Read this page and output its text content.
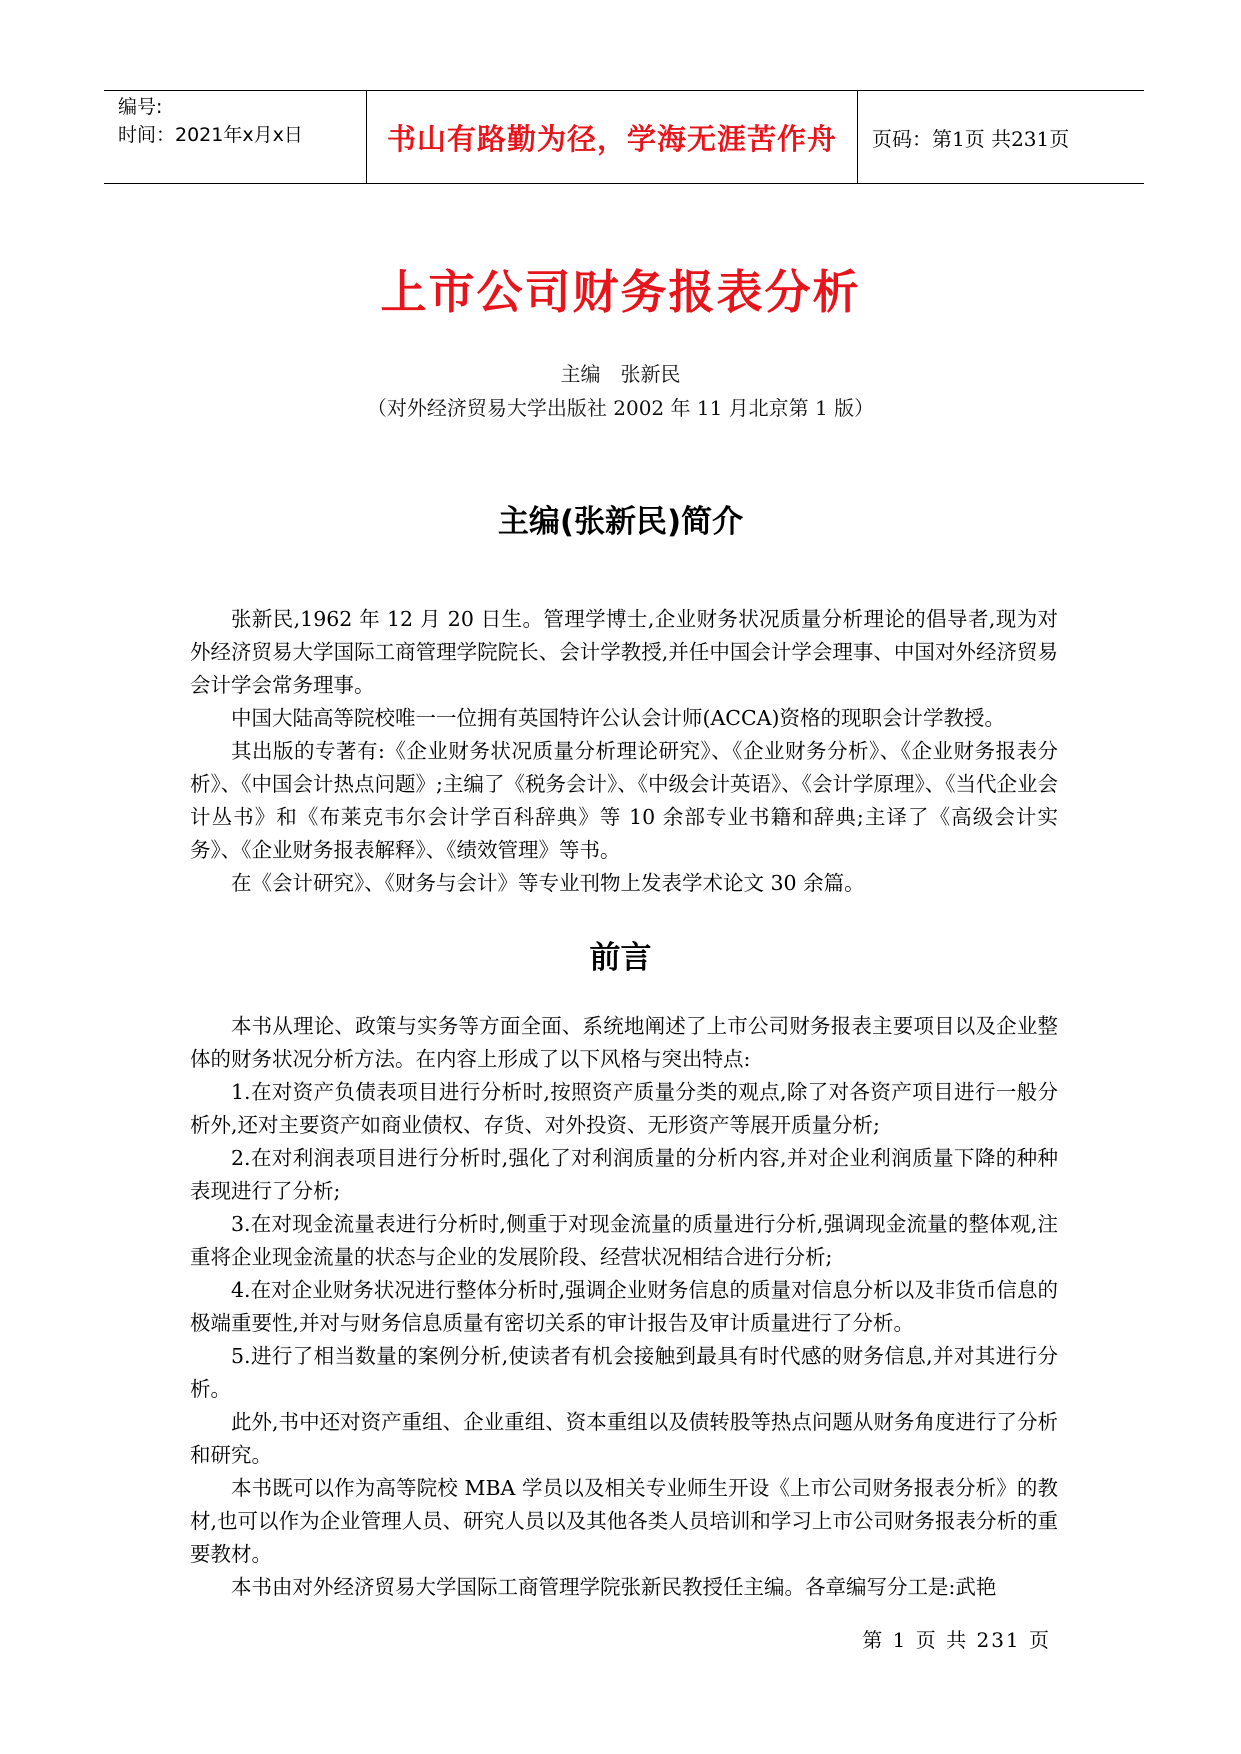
编号:
时间：2021年x月x日	书山有路勤为径，学海无涯苦作舟	页码：第1页 共231页
上市公司财务报表分析
主编　张新民
（对外经济贸易大学出版社 2002 年 11 月北京第 1 版）
主编(张新民)简介

张新民,1962 年 12 月 20 日生。管理学博士,企业财务状况质量分析理论的倡导者,现为对外经济贸易大学国际工商管理学院院长、会计学教授,并任中国会计学会理事、中国对外经济贸易会计学会常务理事。

中国大陆高等院校唯一一位拥有英国特许公认会计师(ACCA)资格的现职会计学教授。

其出版的专著有:《企业财务状况质量分析理论研究》、《企业财务分析》、《企业财务报表分析》、《中国会计热点问题》;主编了《税务会计》、《中级会计英语》、《会计学原理》、《当代企业会计丛书》和《布莱克韦尔会计学百科辞典》等 10 余部专业书籍和辞典;主译了《高级会计实务》、《企业财务报表解释》、《绩效管理》等书。

在《会计研究》、《财务与会计》等专业刊物上发表学术论文 30 余篇。

前言

本书从理论、政策与实务等方面全面、系统地阐述了上市公司财务报表主要项目以及企业整体的财务状况分析方法。在内容上形成了以下风格与突出特点:

1.在对资产负债表项目进行分析时,按照资产质量分类的观点,除了对各资产项目进行一般分析外,还对主要资产如商业债权、存货、对外投资、无形资产等展开质量分析;

2.在对利润表项目进行分析时,强化了对利润质量的分析内容,并对企业利润质量下降的种种表现进行了分析;

3.在对现金流量表进行分析时,侧重于对现金流量的质量进行分析,强调现金流量的整体观,注重将企业现金流量的状态与企业的发展阶段、经营状况相结合进行分析;

4.在对企业财务状况进行整体分析时,强调企业财务信息的质量对信息分析以及非货币信息的极端重要性,并对与财务信息质量有密切关系的审计报告及审计质量进行了分析。

5.进行了相当数量的案例分析,使读者有机会接触到最具有时代感的财务信息,并对其进行分析。

此外,书中还对资产重组、企业重组、资本重组以及债转股等热点问题从财务角度进行了分析和研究。

本书既可以作为高等院校 MBA 学员以及相关专业师生开设《上市公司财务报表分析》的教材,也可以作为企业管理人员、研究人员以及其他各类人员培训和学习上市公司财务报表分析的重要教材。

本书由对外经济贸易大学国际工商管理学院张新民教授任主编。各章编写分工是:武艳

第 1 页 共 231 页
